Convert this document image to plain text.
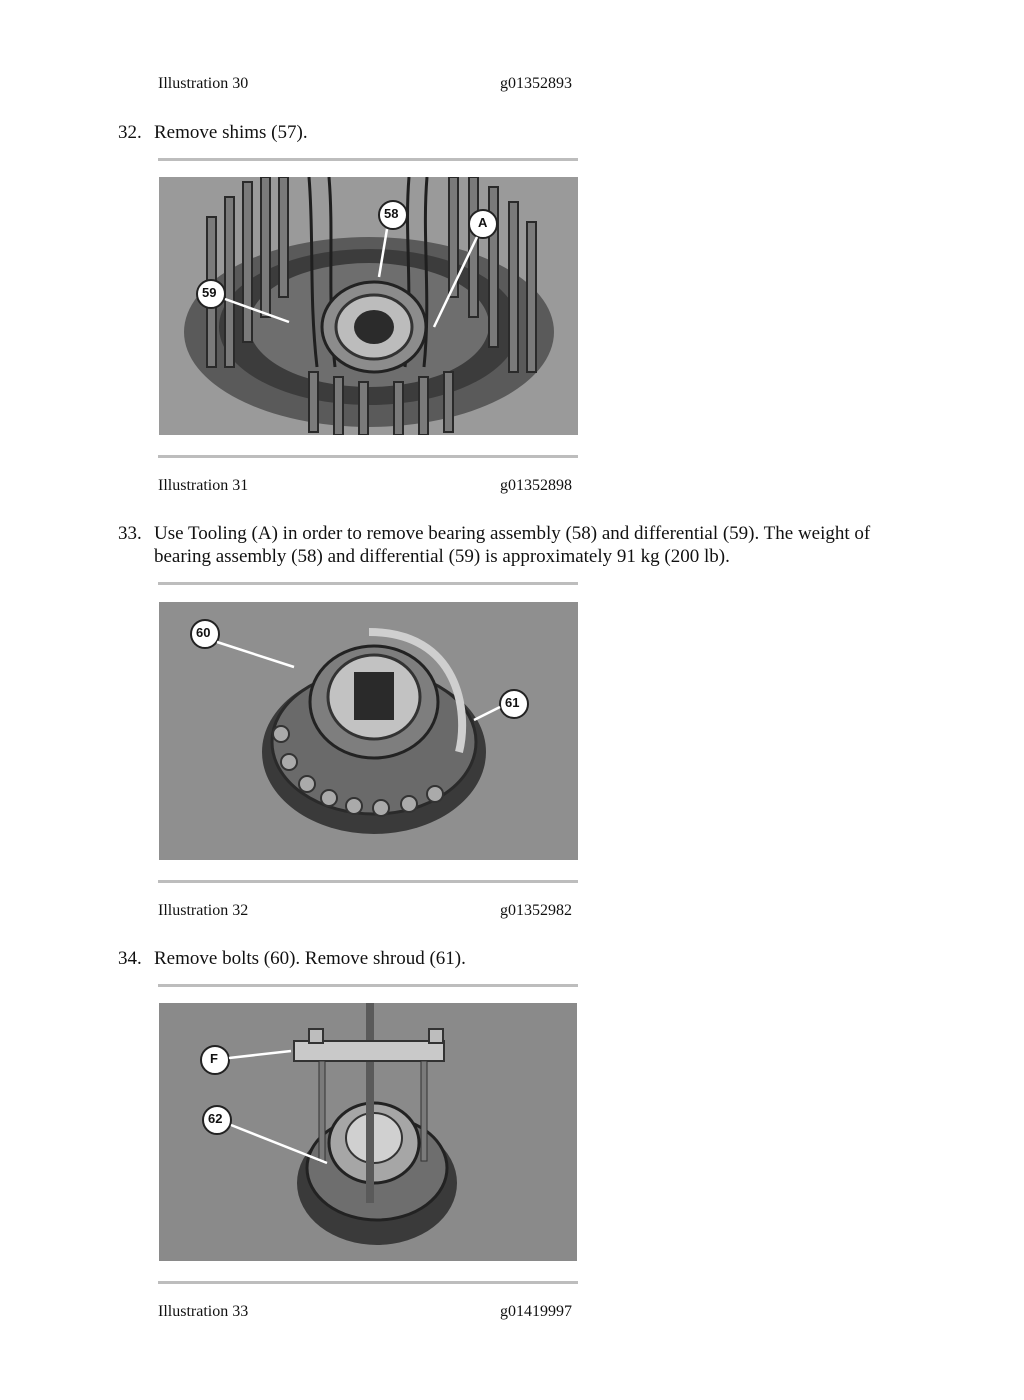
Illustration 30	g01352893
32. Remove shims (57).
58
A
59
Illustration 31	g01352898
33. Use Tooling (A) in order to remove bearing assembly (58) and differential (59). The weight of bearing assembly (58) and differential (59) is approximately 91 kg (200 lb).
60
61
Illustration 32	g01352982
34. Remove bolts (60). Remove shroud (61).
F
62
Illustration 33	g01419997
